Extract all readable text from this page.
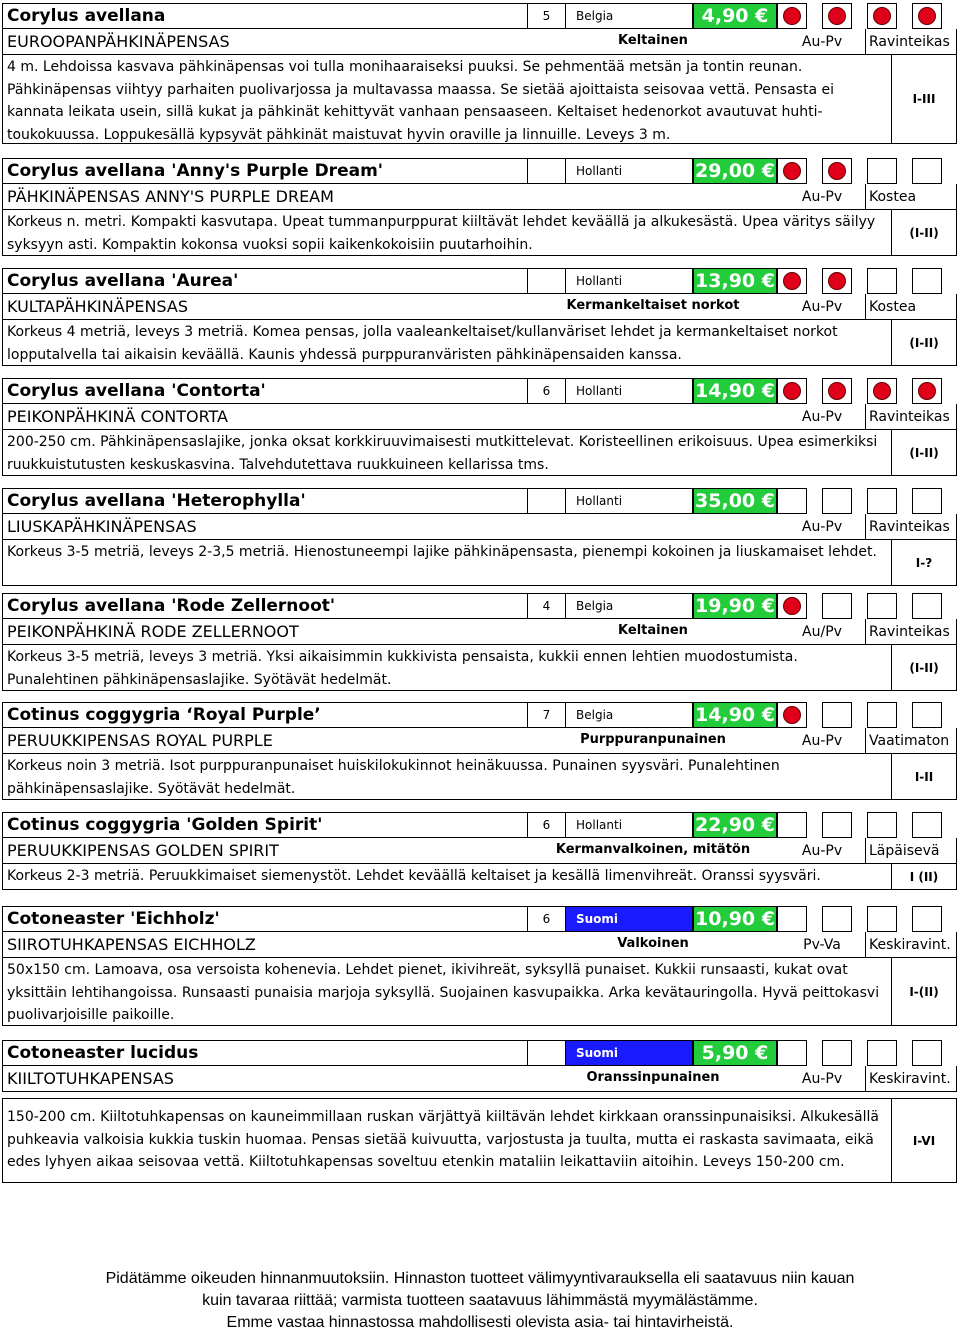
Corylus avellana	5	Belgia	4,90 €
EUROOPANPÄHKINÄPENSAS	Keltainen	Au-Pv	Ravinteikas
4 m. Lehdoissa kasvava pähkinäpensas voi tulla monihaaraiseksi puuksi. Se pehmentää metsän ja tontin reunan. Pähkinäpensas viihtyy parhaiten puolivarjossa ja multavassa maassa. Se sietää ajoittaista seisovaa vettä. Pensasta ei kannata leikata usein, sillä kukat ja pähkinät kehittyvät vanhaan pensaaseen. Keltaiset hedenorkot avautuvat huhti-toukokuussa. Loppukesällä kypsyvät pähkinät maistuvat hyvin oraville ja linnuille. Leveys 3 m.
I-III
Corylus avellana 'Anny's Purple Dream'	Hollanti	29,00 €
PÄHKINÄPENSAS ANNY'S PURPLE DREAM	Au-Pv	Kostea
Korkeus n. metri. Kompakti kasvutapa. Upeat tummanpurppurat kiiltävät lehdet keväällä ja alkukesästä. Upea väritys säilyy syksyyn asti. Kompaktin kokonsa vuoksi sopii kaikenkokoisiin puutarhoihin.
(I-II)
Corylus avellana 'Aurea'	Hollanti	13,90 €
KULTAPÄHKINÄPENSAS	Kermankeltaiset norkot	Au-Pv	Kostea
Korkeus 4 metriä, leveys 3 metriä. Komea pensas, jolla vaaleankeltaiset/kullanväriset lehdet ja kermankeltaiset norkot lopputalvella tai aikaisin keväällä. Kaunis yhdessä purppuranväristen pähkinäpensaiden kanssa.
(I-II)
Corylus avellana 'Contorta'	6	Hollanti	14,90 €
PEIKONPÄHKINÄ CONTORTA	Au-Pv	Ravinteikas
200-250 cm. Pähkinäpensaslajike, jonka oksat korkkiruuvimaisesti mutkittelevat. Koristeellinen erikoisuus. Upea esimerkiksi ruukkuistutusten keskuskasvina. Talvehdutettava ruukkuineen kellarissa tms.
(I-II)
Corylus avellana 'Heterophylla'	Hollanti	35,00 €
LIUSKAPÄHKINÄPENSAS	Au-Pv	Ravinteikas
Korkeus 3-5 metriä, leveys 2-3,5 metriä. Hienostuneempi lajike pähkinäpensasta, pienempi kokoinen ja liuskamaiset lehdet.
I-?
Corylus avellana 'Rode Zellernoot'	4	Belgia	19,90 €
PEIKONPÄHKINÄ RODE ZELLERNOOT	Keltainen	Au/Pv	Ravinteikas
Korkeus 3-5 metriä, leveys 3 metriä. Yksi aikaisimmin kukkivista pensaista, kukkii ennen lehtien muodostumista. Punalehtinen pähkinäpensaslajike. Syötävät hedelmät.
(I-II)
Cotinus coggygria ‘Royal Purple’	7	Belgia	14,90 €
PERUUKKIPENSAS ROYAL PURPLE	Purppuranpunainen	Au-Pv	Vaatimaton
Korkeus noin 3 metriä. Isot purppuranpunaiset huiskilokukinnot heinäkuussa. Punainen syysväri. Punalehtinen pähkinäpensaslajike. Syötävät hedelmät.
I-II
Cotinus coggygria 'Golden Spirit'	6	Hollanti	22,90 €
PERUUKKIPENSAS GOLDEN SPIRIT	Kermanvalkoinen, mitätön	Au-Pv	Läpäisevä
Korkeus 2-3 metriä. Peruukkimaiset siemenystöt. Lehdet keväällä keltaiset ja kesällä limenvihreät. Oranssi syysväri.	I (II)
Cotoneaster 'Eichholz'	6	Suomi	10,90 €
SIIROTUHKAPENSAS EICHHOLZ	Valkoinen	Pv-Va	Keskiravint.
50x150 cm. Lamoava, osa versoista kohenevia. Lehdet pienet, ikivihreät, syksyllä punaiset. Kukkii runsaasti, kukat ovat yksittäin lehtihangoissa. Runsaasti punaisia marjoja syksyllä. Suojainen kasvupaikka. Arka kevätauringolla. Hyvä peittokasvi puolivarjoisille paikoille.
I-(II)
Cotoneaster lucidus	Suomi	5,90 €
KIILTOTUHKAPENSAS	Oranssinpunainen	Au-Pv	Keskiravint.
150-200 cm. Kiiltotuhkapensas on kauneimmillaan ruskan värjättyä kiiltävän lehdet kirkkaan oranssinpunaisiksi. Alkukesällä puhkeavia valkoisia kukkia tuskin huomaa. Pensas sietää kuivuutta, varjostusta ja tuulta, mutta ei raskasta savimaata, eikä edes lyhyen aikaa seisovaa vettä. Kiiltotuhkapensas soveltuu etenkin mataliin leikattaviin aitoihin. Leveys 150-200 cm.
I-VI
Pidätämme oikeuden hinnanmuutoksiin. Hinnaston tuotteet välimyyntivarauksella eli saatavuus niin kauan
kuin tavaraa riittää; varmista tuotteen saatavuus lähimmästä myymälästämme.
Emme vastaa hinnastossa mahdollisesti olevista asia- tai hintavirheistä.
